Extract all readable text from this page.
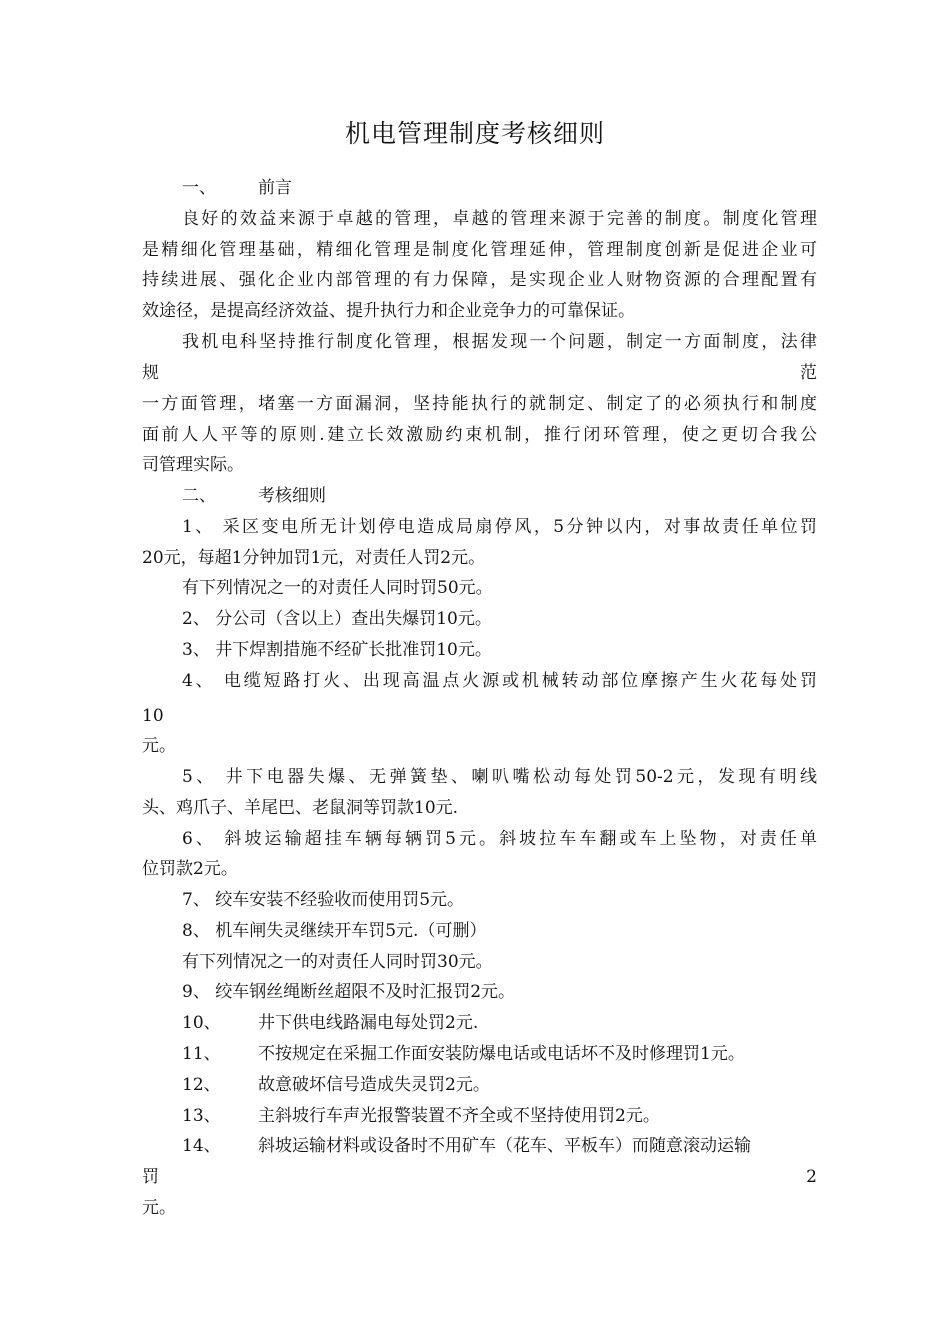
机电管理制度考核细则
一、 前言
良好的效益来源于卓越的管理，卓越的管理来源于完善的制度。制度化管理
是精细化管理基础，精细化管理是制度化管理延伸，管理制度创新是促进企业可
持续进展、强化企业内部管理的有力保障，是实现企业人财物资源的合理配置有
效途径，是提高经济效益、提升执行力和企业竞争力的可靠保证。
我机电科坚持推行制度化管理，根据发现一个问题，制定一方面制度，法律
规	范
一方面管理，堵塞一方面漏洞，坚持能执行的就制定、制定了的必须执行和制度
面前人人平等的原则.建立长效激励约束机制，推行闭环管理，使之更切合我公
司管理实际。
二、 考核细则
1、 采区变电所无计划停电造成局扇停风，5分钟以内，对事故责任单位罚
20元，每超1分钟加罚1元，对责任人罚2元。
有下列情况之一的对责任人同时罚50元。
2、 分公司（含以上）查出失爆罚10元。
3、 井下焊割措施不经矿长批准罚10元。
4、 电缆短路打火、出现高温点火源或机械转动部位摩擦产生火花每处罚
10
元。
5、 井下电器失爆、无弹簧垫、喇叭嘴松动每处罚50-2元，发现有明线
头、鸡爪子、羊尾巴、老鼠洞等罚款10元.
6、 斜坡运输超挂车辆每辆罚5元。斜坡拉车车翻或车上坠物，对责任单
位罚款2元。
7、 绞车安装不经验收而使用罚5元。
8、 机车闸失灵继续开车罚5元.（可删）
有下列情况之一的对责任人同时罚30元。
9、 绞车钢丝绳断丝超限不及时汇报罚2元。
10、 井下供电线路漏电每处罚2元.
11、 不按规定在采掘工作面安装防爆电话或电话坏不及时修理罚1元。
12、 故意破坏信号造成失灵罚2元。
13、 主斜坡行车声光报警装置不齐全或不坚持使用罚2元。
14、 斜坡运输材料或设备时不用矿车（花车、平板车）而随意滚动运输
罚	2
元。
